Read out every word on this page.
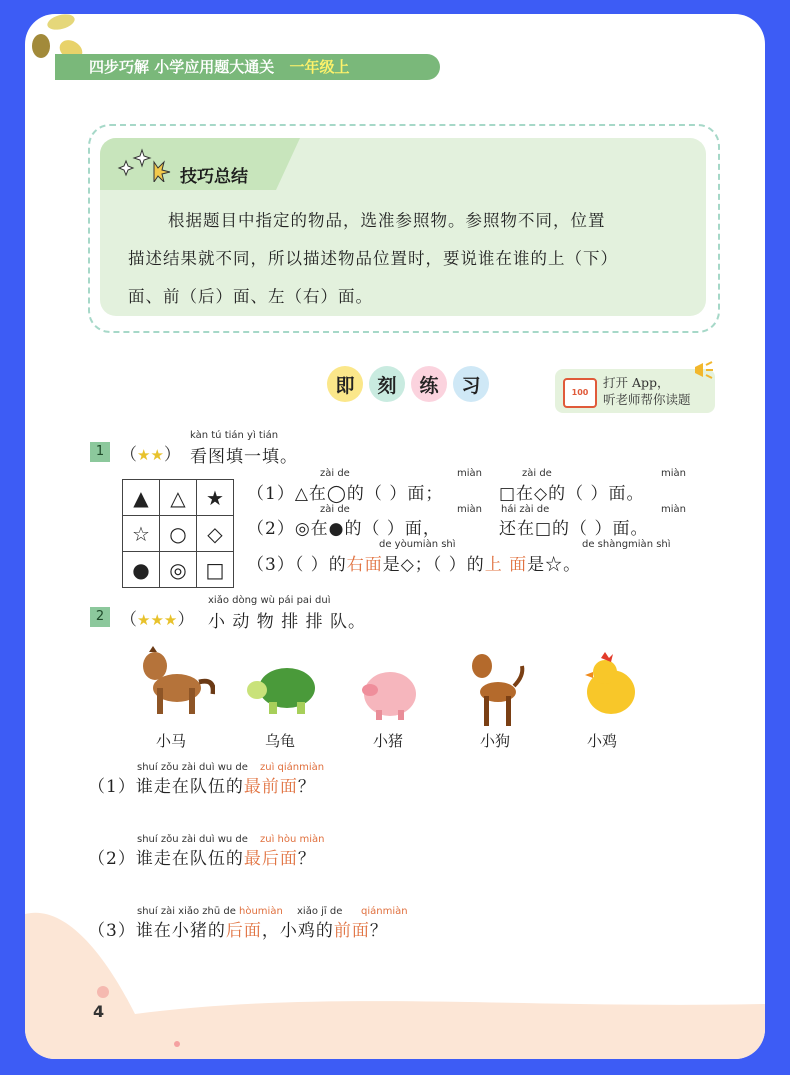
四步巧解 小学应用题大通关 一年级上
技巧总结
根据题目中指定的物品，选准参照物。参照物不同，位置
描述结果就不同，所以描述物品位置时，要说谁在谁的上（下）
面、前（后）面、左（右）面。
即	刻	练	习	100
打开 App，
听老师帮你读题
1 （★★）
kàn tú tián yì tián
看图填一填。
▲	△	★
☆	○	◇
●	◎	□
zài de	miàn	zài de	miàn
（1）△在◯的（ ）面；	□在◇的（ ）面。
zài de	miàn hái zài de	miàn
（2）◎在●的（ ）面，	还在□的（ ）面。
de yòumiàn shì	de shàngmiàn shì
（3）（ ）的右面是◇；（ ）的上 面是☆。
2 （★★★）
xiǎo dòng wù pái pai duì
小 动 物 排 排 队。
小马	乌龟	小猪	小狗	小鸡
shuí zǒu zài duì wu de zuì qiánmiàn
（1）谁走在队伍的最前面？
shuí zǒu zài duì wu de zuì hòu miàn
（2）谁走在队伍的最后面？
shuí zài xiǎo zhū de hòumiàn xiǎo jī de qiánmiàn
（3）谁在小猪的后面，小鸡的前面？
4
